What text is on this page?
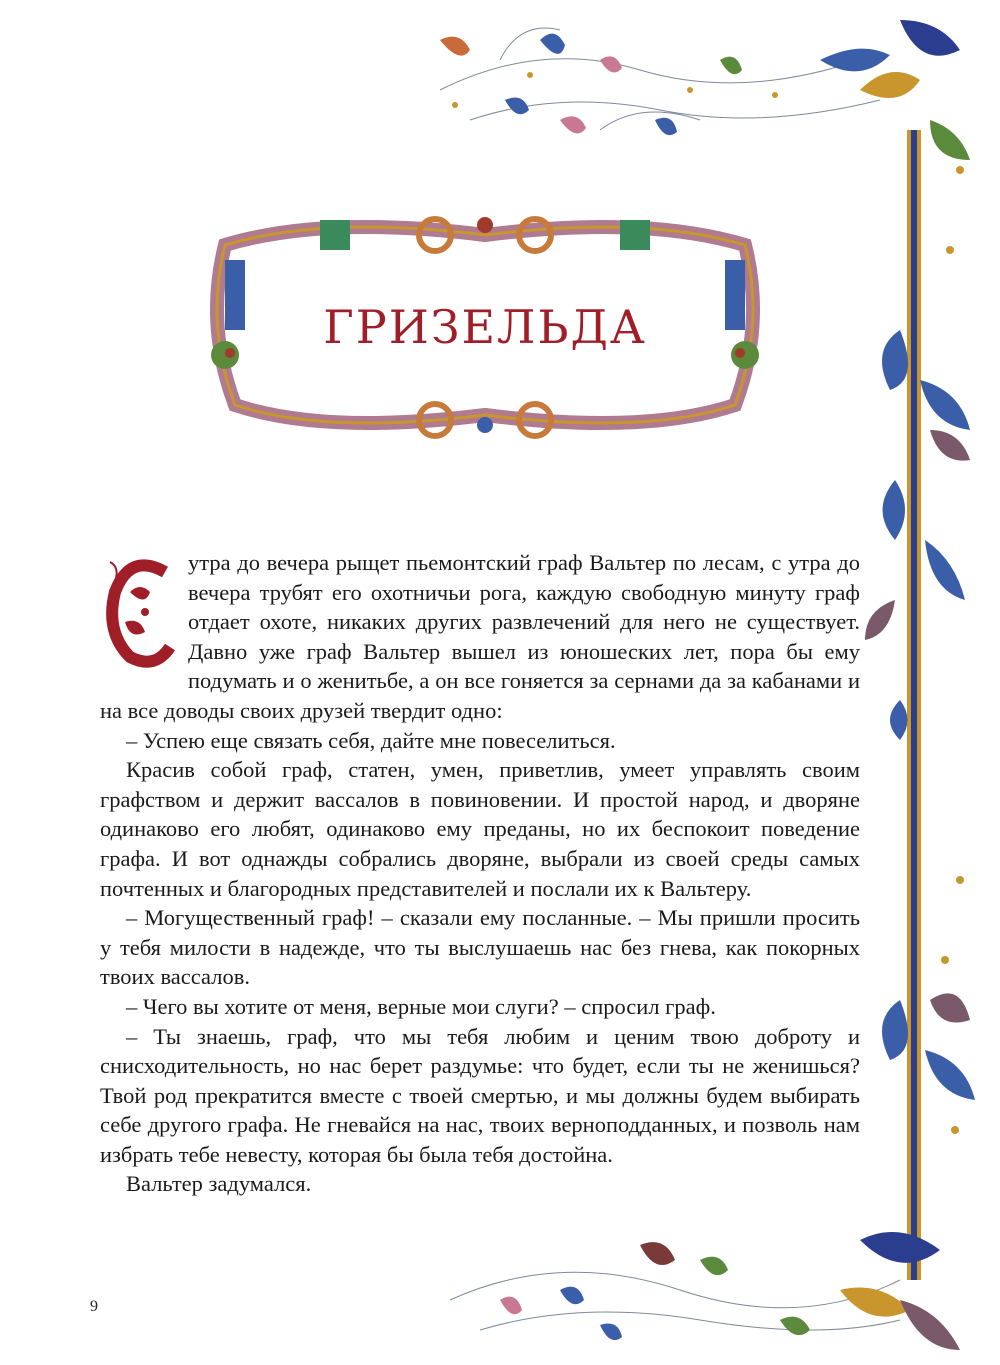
ГРИЗЕЛЬДА

утра до вечера рыщет пьемонтский граф Вальтер по лесам, с утра до вечера трубят его охотничьи рога, каждую свободную минуту граф отдает охоте, никаких других развлечений для него не существует. Давно уже граф Вальтер вышел из юношеских лет, пора бы ему подумать и о женитьбе, а он все гоняется за сернами да за кабанами и на все доводы своих друзей твердит одно:

– Успею еще связать себя, дайте мне повеселиться.

Красив собой граф, статен, умен, приветлив, умеет управлять своим графством и держит вассалов в повиновении. И простой народ, и дворяне одинаково его любят, одинаково ему преданы, но их беспокоит поведение графа. И вот однажды собрались дворяне, выбрали из своей среды самых почтенных и благородных представителей и послали их к Вальтеру.

– Могущественный граф! – сказали ему посланные. – Мы пришли просить у тебя милости в надежде, что ты выслушаешь нас без гнева, как покорных твоих вассалов.

– Чего вы хотите от меня, верные мои слуги? – спросил граф.

– Ты знаешь, граф, что мы тебя любим и ценим твою доброту и снисходительность, но нас берет раздумье: что будет, если ты не женишься? Твой род прекратится вместе с твоей смертью, и мы должны будем выбирать себе другого графа. Не гневайся на нас, твоих верноподданных, и позволь нам избрать тебе невесту, которая бы была тебя достойна.

Вальтер задумался.

9
